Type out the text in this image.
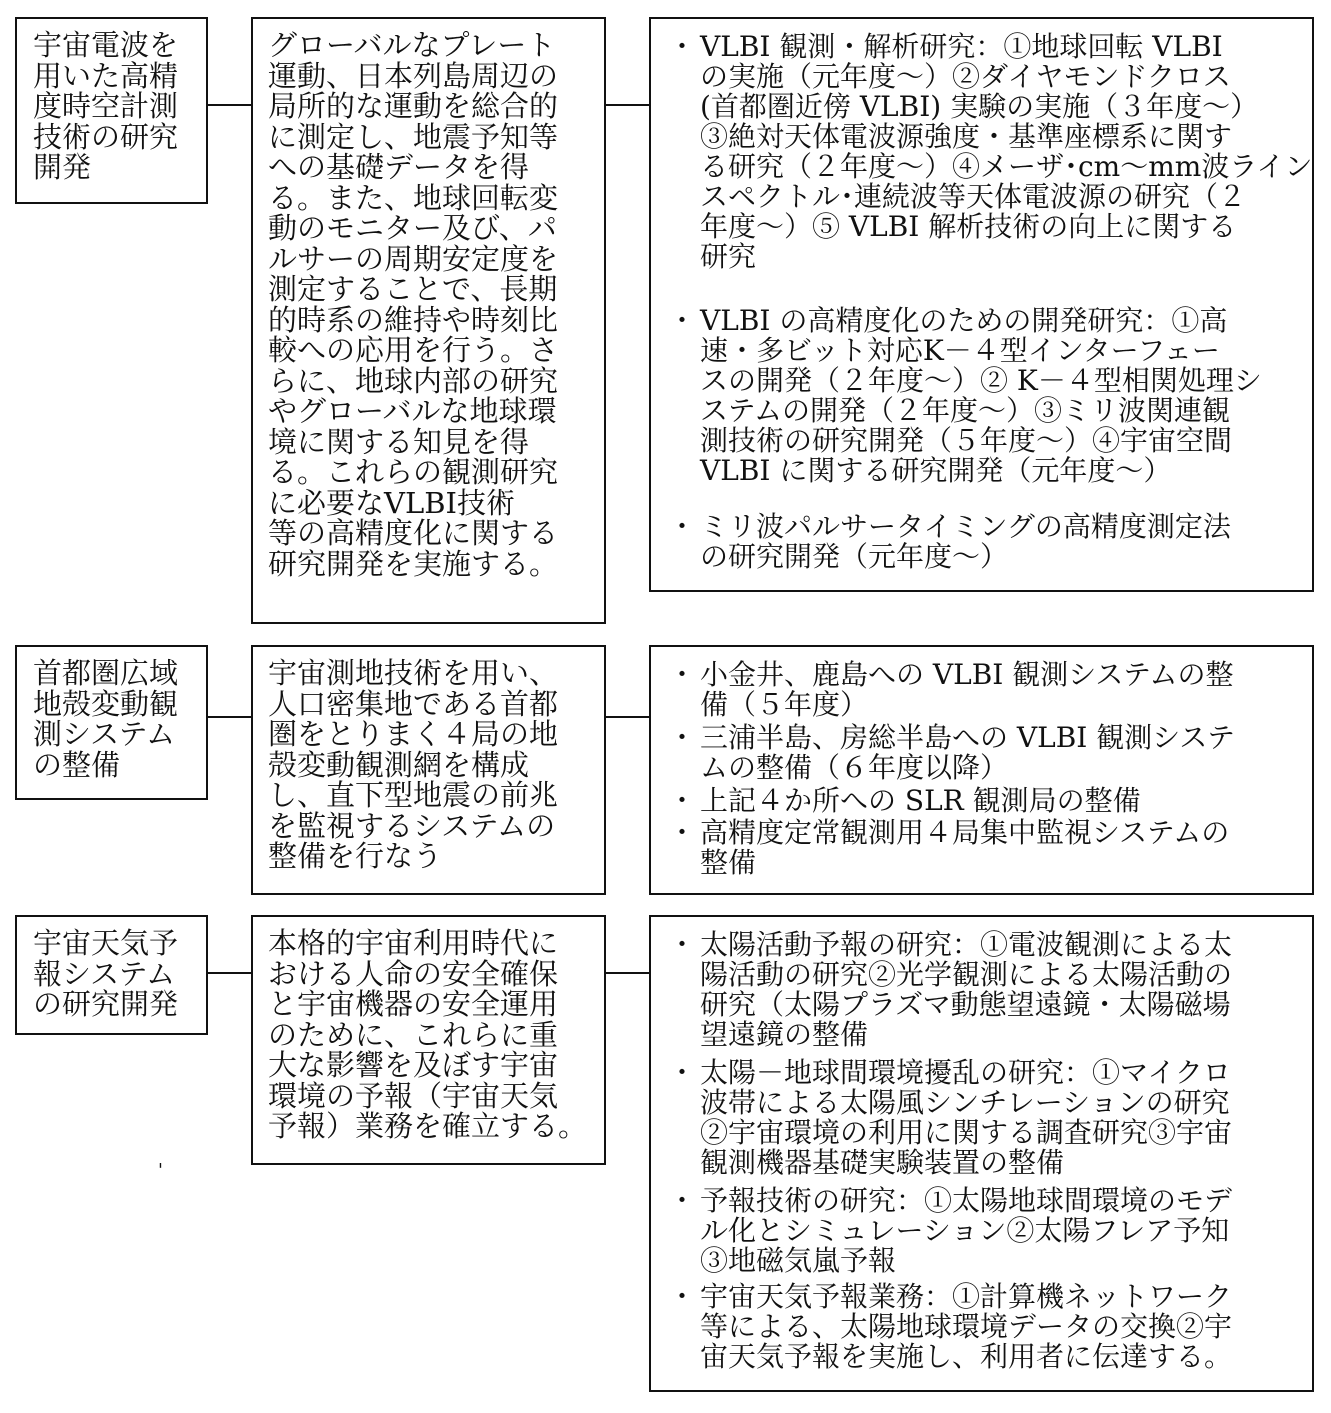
宇宙電波を
用いた高精
度時空計測
技術の研究
開発
グローバルなプレート
運動、日本列島周辺の
局所的な運動を総合的
に測定し、地震予知等
への基礎データを得
る。また、地球回転変
動のモニター及び、パ
ルサーの周期安定度を
測定することで、長期
的時系の維持や時刻比
較への応用を行う。さ
らに、地球内部の研究
やグローバルな地球環
境に関する知見を得
る。これらの観測研究
に必要なVLBI技術
等の高精度化に関する
研究開発を実施する。
・ VLBI 観測・解析研究：①地球回転 VLBI
の実施（元年度～）②ダイヤモンドクロス
(首都圏近傍 VLBI) 実験の実施（３年度～）
③絶対天体電波源強度・基準座標系に関す
る研究（２年度～）④メーザ･cm～mm波ライン
スペクトル･連続波等天体電波源の研究（２
年度～）⑤ VLBI 解析技術の向上に関する
研究
・ VLBI の高精度化のための開発研究：①高
速・多ビット対応K－４型インターフェー
スの開発（２年度～）② K－４型相関処理シ
ステムの開発（２年度～）③ミリ波関連観
測技術の研究開発（５年度～）④宇宙空間
VLBI に関する研究開発（元年度～）
・ ミリ波パルサータイミングの高精度測定法
の研究開発（元年度～）
首都圏広域
地殻変動観
測システム
の整備
宇宙測地技術を用い、
人口密集地である首都
圏をとりまく４局の地
殻変動観測網を構成
し、直下型地震の前兆
を監視するシステムの
整備を行なう
・ 小金井、鹿島への VLBI 観測システムの整
備（５年度）
・ 三浦半島、房総半島への VLBI 観測システ
ムの整備（６年度以降）
・ 上記４か所への SLR 観測局の整備
・ 高精度定常観測用４局集中監視システムの
整備
宇宙天気予
報システム
の研究開発
本格的宇宙利用時代に
おける人命の安全確保
と宇宙機器の安全運用
のために、これらに重
大な影響を及ぼす宇宙
環境の予報（宇宙天気
予報）業務を確立する。
・ 太陽活動予報の研究：①電波観測による太
陽活動の研究②光学観測による太陽活動の
研究（太陽プラズマ動態望遠鏡・太陽磁場
望遠鏡の整備
・ 太陽－地球間環境擾乱の研究：①マイクロ
波帯による太陽風シンチレーションの研究
②宇宙環境の利用に関する調査研究③宇宙
観測機器基礎実験装置の整備
・ 予報技術の研究：①太陽地球間環境のモデ
ル化とシミュレーション②太陽フレア予知
③地磁気嵐予報
・ 宇宙天気予報業務：①計算機ネットワーク
等による、太陽地球環境データの交換②宇
宙天気予報を実施し、利用者に伝達する。
'
